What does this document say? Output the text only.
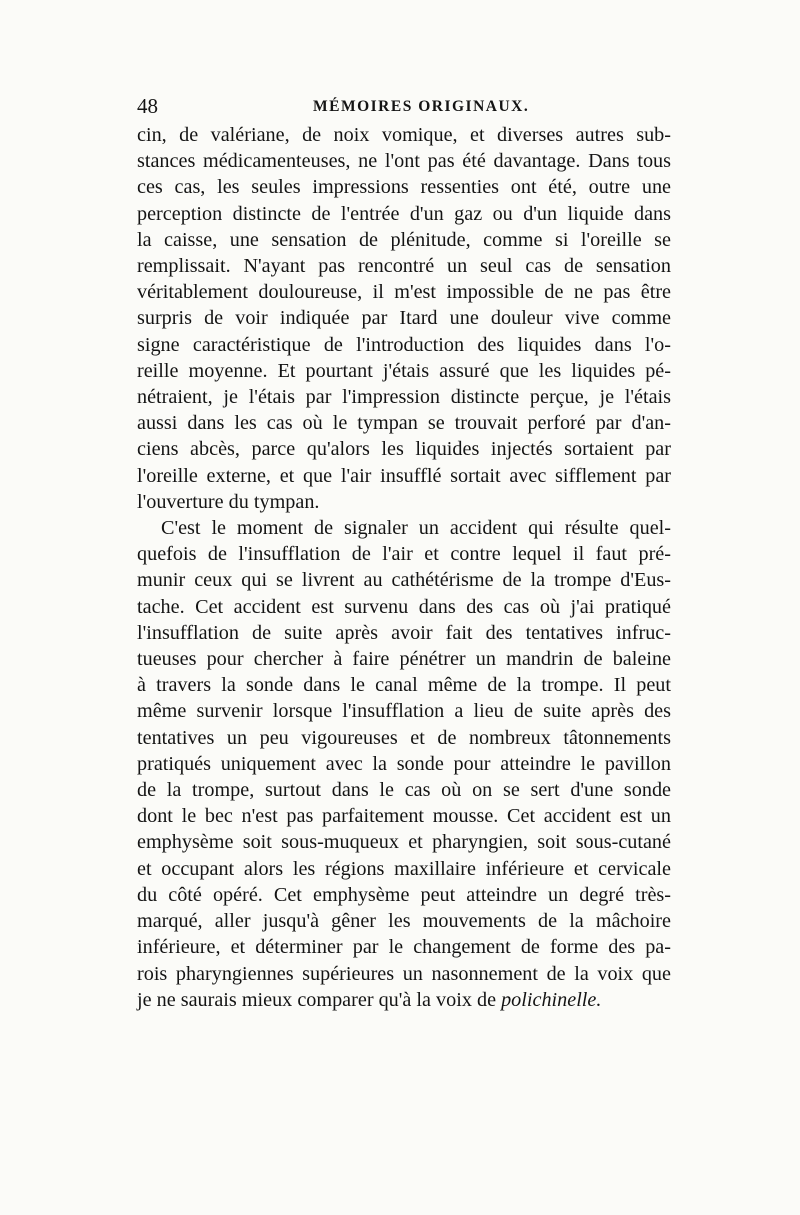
48	MÉMOIRES ORIGINAUX.

cin, de valériane, de noix vomique, et diverses autres sub-
stances médicamenteuses, ne l'ont pas été davantage. Dans tous
ces cas, les seules impressions ressenties ont été, outre une
perception distincte de l'entrée d'un gaz ou d'un liquide dans
la caisse, une sensation de plénitude, comme si l'oreille se
remplissait. N'ayant pas rencontré un seul cas de sensation
véritablement douloureuse, il m'est impossible de ne pas être
surpris de voir indiquée par Itard une douleur vive comme
signe caractéristique de l'introduction des liquides dans l'o-
reille moyenne. Et pourtant j'étais assuré que les liquides pé-
nétraient, je l'étais par l'impression distincte perçue, je l'étais
aussi dans les cas où le tympan se trouvait perforé par d'an-
ciens abcès, parce qu'alors les liquides injectés sortaient par
l'oreille externe, et que l'air insufflé sortait avec sifflement par
l'ouverture du tympan.

C'est le moment de signaler un accident qui résulte quel-
quefois de l'insufflation de l'air et contre lequel il faut pré-
munir ceux qui se livrent au cathétérisme de la trompe d'Eus-
tache. Cet accident est survenu dans des cas où j'ai pratiqué
l'insufflation de suite après avoir fait des tentatives infruc-
tueuses pour chercher à faire pénétrer un mandrin de baleine
à travers la sonde dans le canal même de la trompe. Il peut
même survenir lorsque l'insufflation a lieu de suite après des
tentatives un peu vigoureuses et de nombreux tâtonnements
pratiqués uniquement avec la sonde pour atteindre le pavillon
de la trompe, surtout dans le cas où on se sert d'une sonde
dont le bec n'est pas parfaitement mousse. Cet accident est un
emphysème soit sous-muqueux et pharyngien, soit sous-cutané
et occupant alors les régions maxillaire inférieure et cervicale
du côté opéré. Cet emphysème peut atteindre un degré très-
marqué, aller jusqu'à gêner les mouvements de la mâchoire
inférieure, et déterminer par le changement de forme des pa-
rois pharyngiennes supérieures un nasonnement de la voix que
je ne saurais mieux comparer qu'à la voix de polichinelle.
